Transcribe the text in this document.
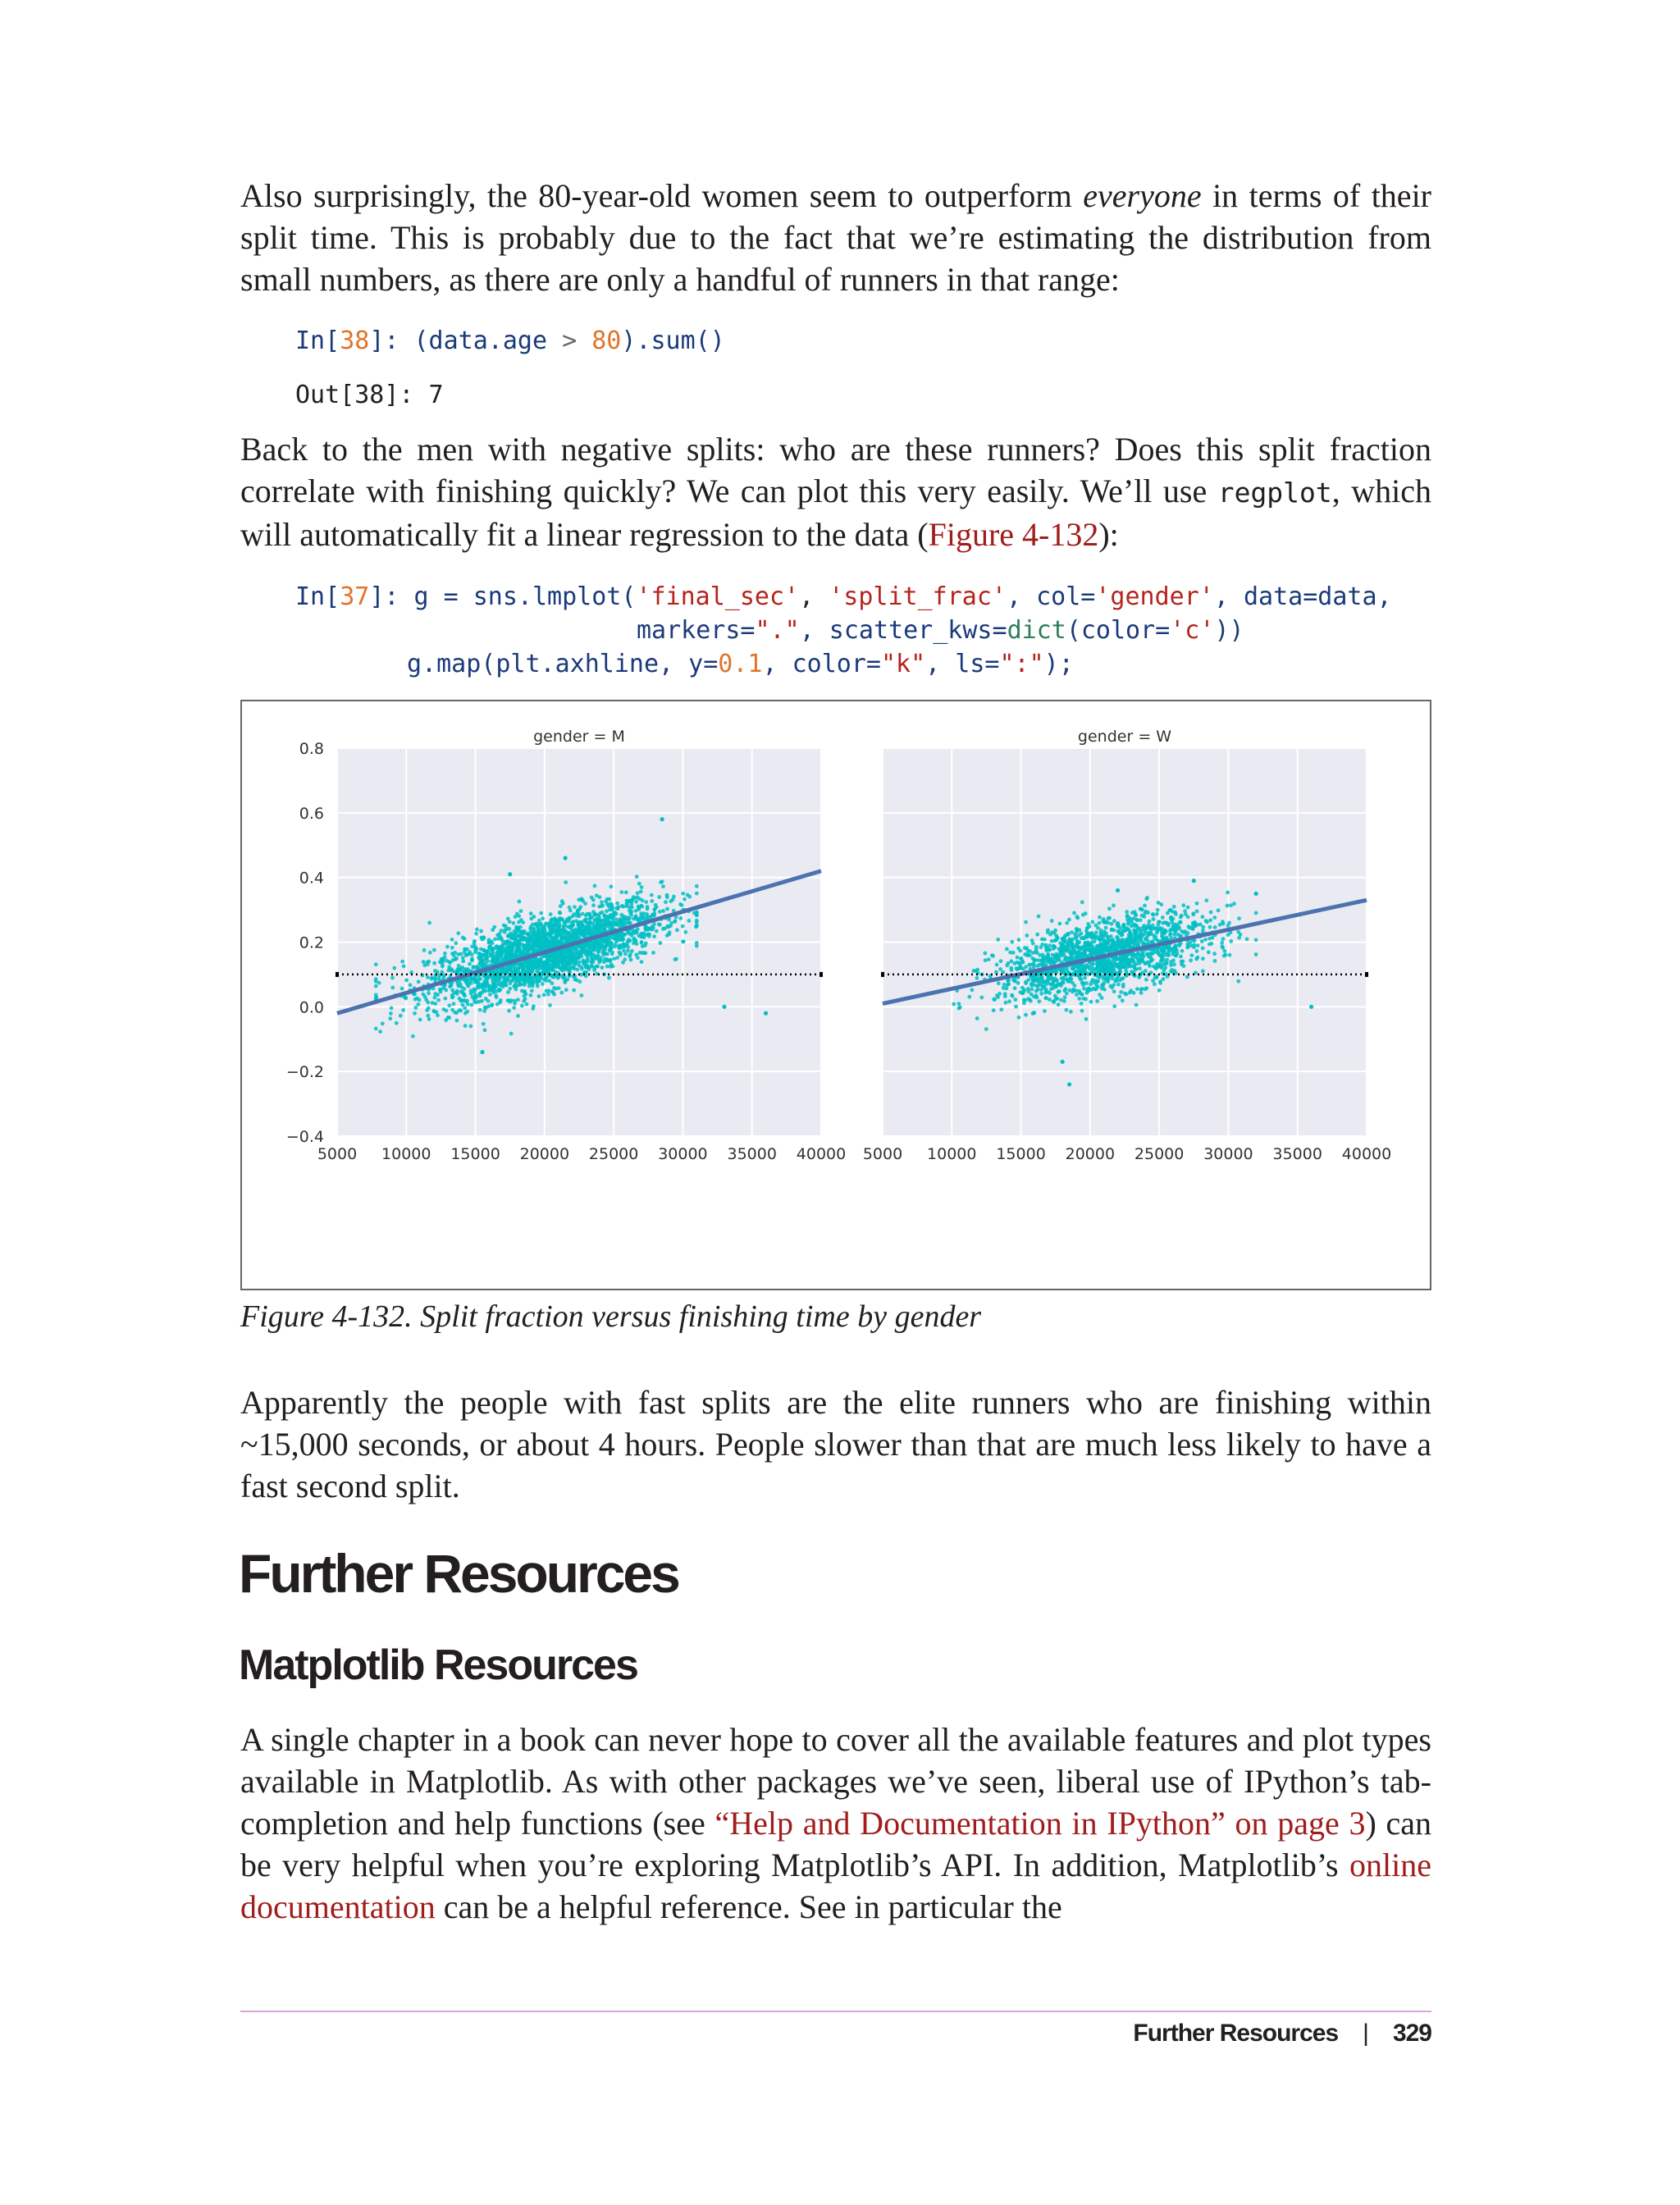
Also surprisingly, the 80-year-old women seem to outperform everyone in terms of their split time. This is probably due to the fact that we’re estimating the distribution from small numbers, as there are only a handful of runners in that range:

In[38]: (data.age > 80).sum()
Out[38]: 7

Back to the men with negative splits: who are these runners? Does this split fraction correlate with finishing quickly? We can plot this very easily. We’ll use regplot, which will automatically fit a linear regression to the data (Figure 4-132):

In[37]: g = sns.lmplot('final_sec', 'split_frac', col='gender', data=data,
markers=".", scatter_kws=dict(color='c'))
g.map(plt.axhline, y=0.1, color="k", ls=":");
gender = M
5000 10000 15000 20000 25000 30000 35000 40000
0.8
0.6
0.4
0.2
0.0
−0.2
−0.4
gender = W
5000 10000 15000 20000 25000 30000 35000 40000

Figure 4-132. Split fraction versus finishing time by gender

Apparently the people with fast splits are the elite runners who are finishing within ~15,000 seconds, or about 4 hours. People slower than that are much less likely to have a fast second split.

Further Resources
Matplotlib Resources

A single chapter in a book can never hope to cover all the available features and plot types available in Matplotlib. As with other packages we’ve seen, liberal use of IPython’s tab-completion and help functions (see “Help and Documentation in IPython” on page 3) can be very helpful when you’re exploring Matplotlib’s API. In addition, Matplotlib’s online documentation can be a helpful reference. See in particular the

Further Resources | 329
